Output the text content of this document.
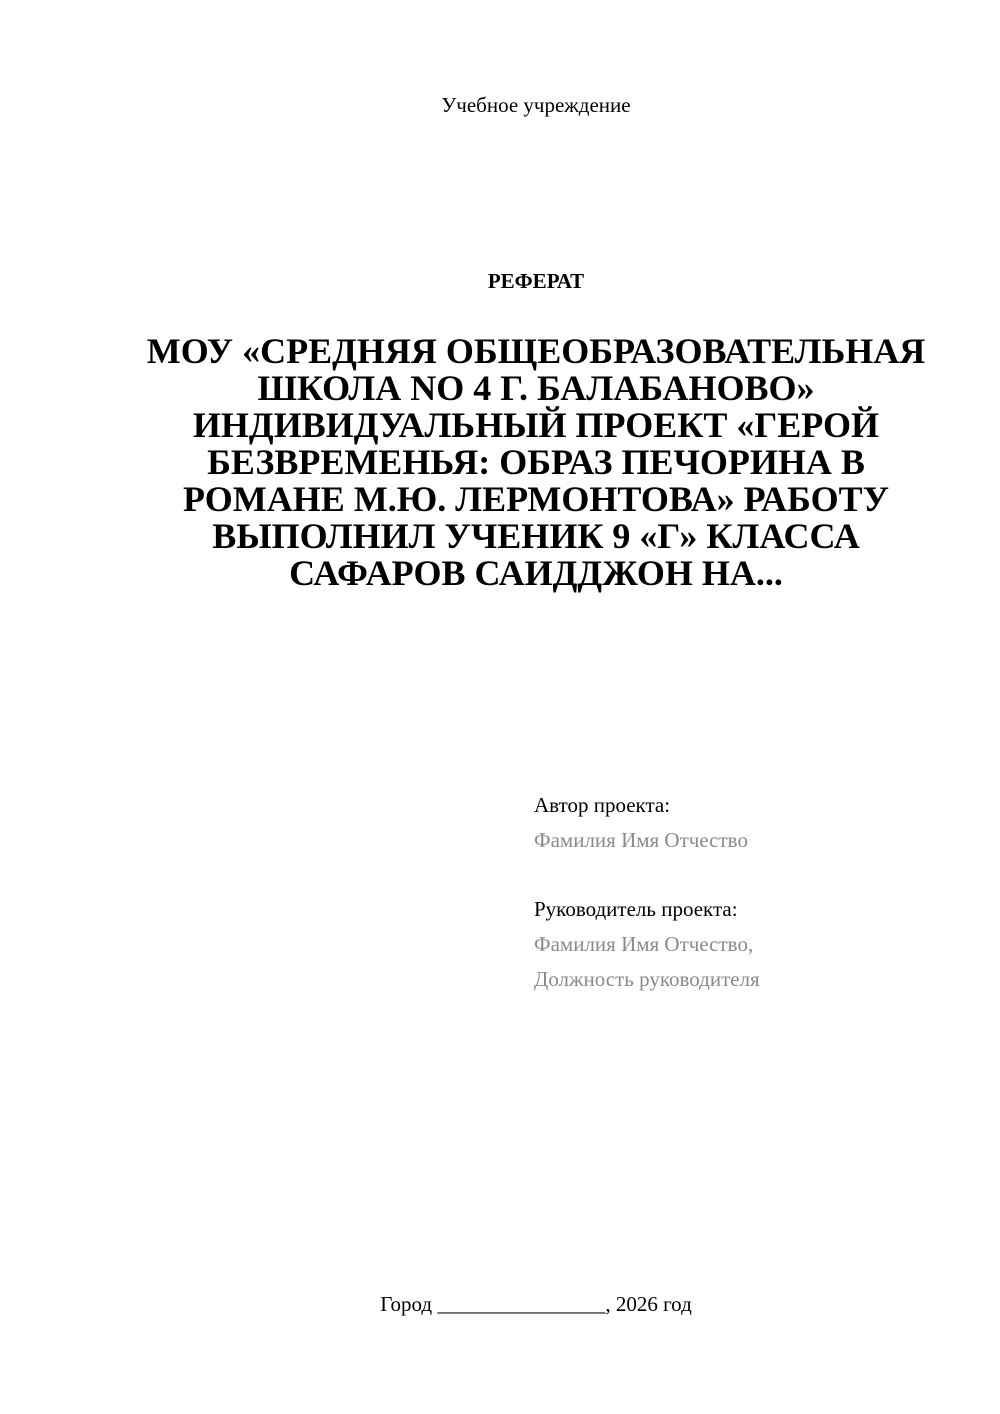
Учебное учреждение
РЕФЕРАТ
МОУ «СРЕДНЯЯ ОБЩЕОБРАЗОВАТЕЛЬНАЯ ШКОЛА NO 4 Г. БАЛАБАНОВО» ИНДИВИДУАЛЬНЫЙ ПРОЕКТ «ГЕРОЙ БЕЗВРЕМЕНЬЯ: ОБРАЗ ПЕЧОРИНА В РОМАНЕ М.Ю. ЛЕРМОНТОВА» РАБОТУ ВЫПОЛНИЛ УЧЕНИК 9 «Г» КЛАССА САФАРОВ САИДДЖОН НА...
Автор проекта:
Фамилия Имя Отчество
Руководитель проекта:
Фамилия Имя Отчество,
Должность руководителя
Город ________________, 2026 год
